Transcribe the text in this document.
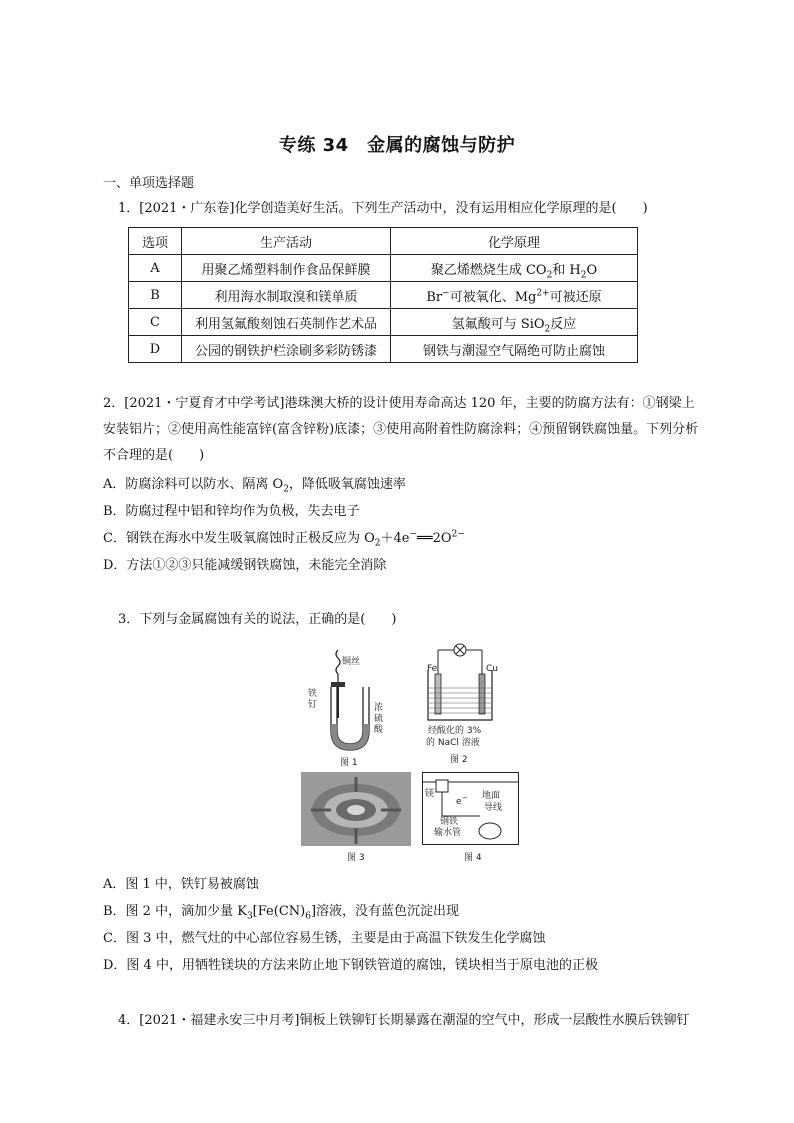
专练 34　金属的腐蚀与防护
一、单项选择题
1．[2021・广东卷]化学创造美好生活。下列生产活动中，没有运用相应化学原理的是(　　)
选项	生产活动	化学原理
A	用聚乙烯塑料制作食品保鲜膜	聚乙烯燃烧生成 $CO_2$和 $H_2O$
B	利用海水制取溴和镁单质	Br−可被氧化、$Mg^{2+}$可被还原
C	利用氢氟酸刻蚀石英制作艺术品	氢氟酸可与 SiO$_2$反应
D	公园的钢铁护栏涂刷多彩防锈漆	钢铁与潮湿空气隔绝可防止腐蚀
2．[2021・宁夏育才中学考试]港珠澳大桥的设计使用寿命高达 120 年，主要的防腐方法有：①钢梁上
安装铝片；②使用高性能富锌(富含锌粉)底漆；③使用高附着性防腐涂料；④预留钢铁腐蚀量。下列分析
不合理的是(　　)
A．防腐涂料可以防水、隔离 $O_2$，降低吸氧腐蚀速率
B．防腐过程中铝和锌均作为负极，失去电子
C．钢铁在海水中发生吸氧腐蚀时正极反应为 $O_2+4e^-══2O^{2-}$
D．方法①②③只能减缓钢铁腐蚀，未能完全消除
3．下列与金属腐蚀有关的说法，正确的是(　　)
铜丝
铁
钉	浓
硫
酸
图 1
Fe	Cu
经酸化的 3%
的 NaCl 溶液
图 2
图 3
镁
e − 地面
导线
钢铁
输水管
图 4
A．图 1 中，铁钉易被腐蚀
B．图 2 中，滴加少量 $K_3[Fe(CN)_6]$溶液，没有蓝色沉淀出现
C．图 3 中，燃气灶的中心部位容易生锈，主要是由于高温下铁发生化学腐蚀
D．图 4 中，用牺牲镁块的方法来防止地下钢铁管道的腐蚀，镁块相当于原电池的正极
4．[2021・福建永安三中月考]铜板上铁铆钉长期暴露在潮湿的空气中，形成一层酸性水膜后铁铆钉
